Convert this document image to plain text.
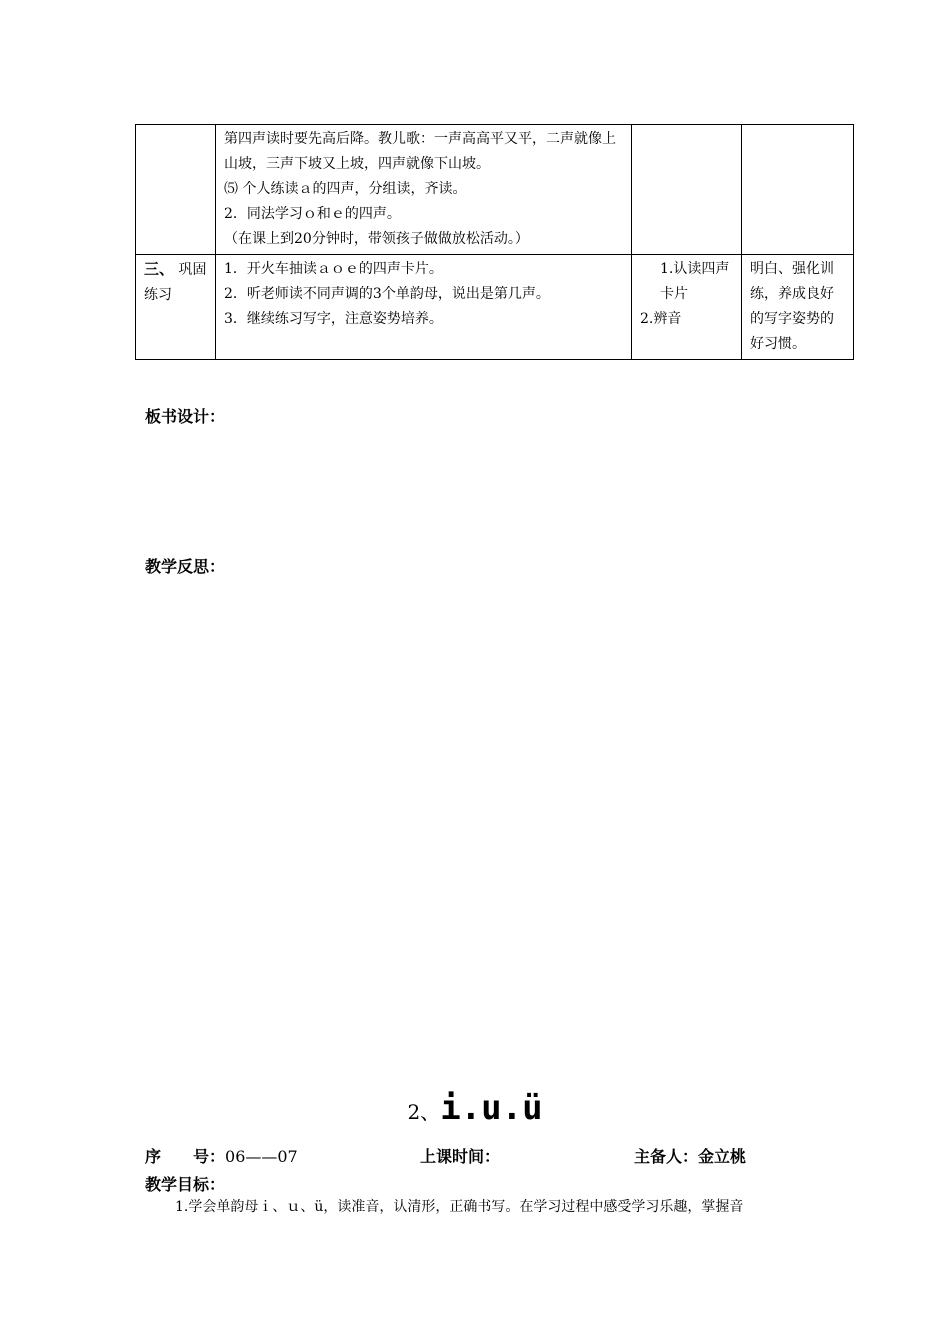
	第四声读时要先高后降。教儿歌：一声高高平又平，二声就像上山坡，三声下坡又上坡，四声就像下山坡。
⑸ 个人练读ａ的四声，分组读，齐读。
2．同法学习ｏ和ｅ的四声。
（在课上到20分钟时，带领孩子做做放松活动。）		

三、 巩固练习	1．开火车抽读ａｏｅ的四声卡片。
2．听老师读不同声调的3个单韵母，说出是第几声。
3．继续练习写字，注意姿势培养。	1.认读四声卡片
2.辨音	明白、强化训练，养成良好的写字姿势的好习惯。
板书设计：
教学反思：
2、i.u.ü
序　　号：06——07	上课时间：	主备人：金立桃
教学目标：
1.学会单韵母ｉ、ｕ、ü，读准音，认清形，正确书写。在学习过程中感受学习乐趣，掌握音
